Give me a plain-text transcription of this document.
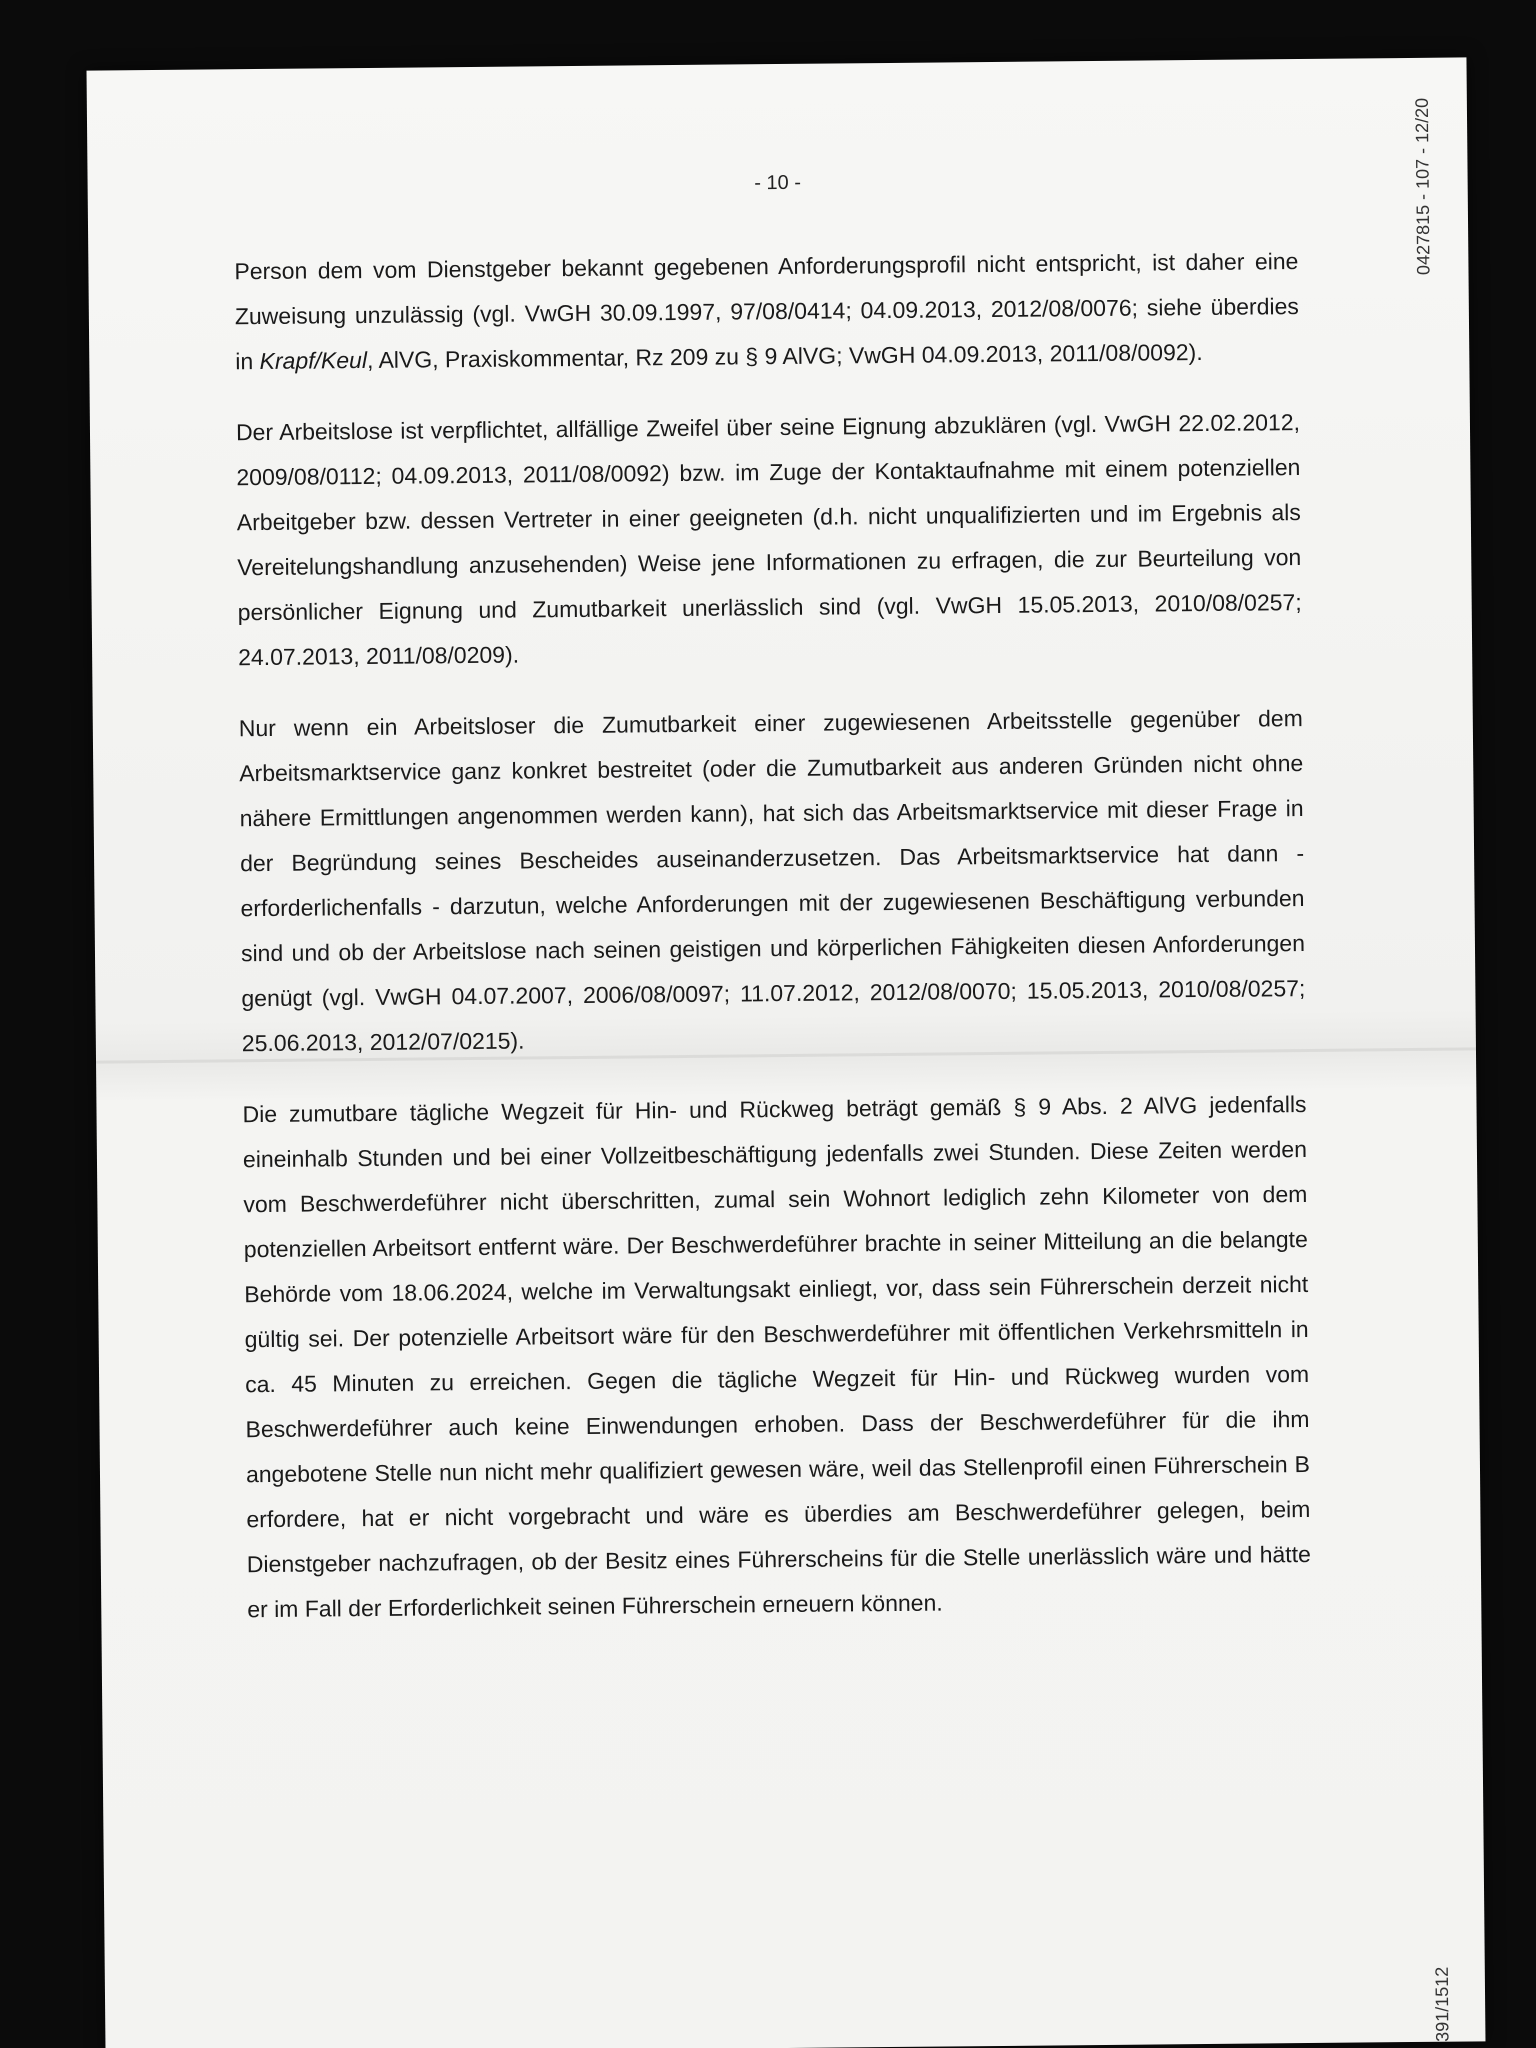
- 10 -	0427815 - 107 - 12/20
391/1512

Person dem vom Dienstgeber bekannt gegebenen Anforderungsprofil nicht entspricht, ist daher eine Zuweisung unzulässig (vgl. VwGH 30.09.1997, 97/08/0414; 04.09.2013, 2012/08/0076; siehe überdies in Krapf/Keul, AlVG, Praxiskommentar, Rz 209 zu § 9 AlVG; VwGH 04.09.2013, 2011/08/0092).

Der Arbeitslose ist verpflichtet, allfällige Zweifel über seine Eignung abzuklären (vgl. VwGH 22.02.2012, 2009/08/0112; 04.09.2013, 2011/08/0092) bzw. im Zuge der Kontaktaufnahme mit einem potenziellen Arbeitgeber bzw. dessen Vertreter in einer geeigneten (d.h. nicht unqualifizierten und im Ergebnis als Vereitelungshandlung anzusehenden) Weise jene Informationen zu erfragen, die zur Beurteilung von persönlicher Eignung und Zumutbarkeit unerlässlich sind (vgl. VwGH 15.05.2013, 2010/08/0257; 24.07.2013, 2011/08/0209).

Nur wenn ein Arbeitsloser die Zumutbarkeit einer zugewiesenen Arbeitsstelle gegenüber dem Arbeitsmarktservice ganz konkret bestreitet (oder die Zumutbarkeit aus anderen Gründen nicht ohne nähere Ermittlungen angenommen werden kann), hat sich das Arbeitsmarktservice mit dieser Frage in der Begründung seines Bescheides auseinanderzusetzen. Das Arbeitsmarktservice hat dann - erforderlichenfalls - darzutun, welche Anforderungen mit der zugewiesenen Beschäftigung verbunden sind und ob der Arbeitslose nach seinen geistigen und körperlichen Fähigkeiten diesen Anforderungen genügt (vgl. VwGH 04.07.2007, 2006/08/0097; 11.07.2012, 2012/08/0070; 15.05.2013, 2010/08/0257; 25.06.2013, 2012/07/0215).

Die zumutbare tägliche Wegzeit für Hin- und Rückweg beträgt gemäß § 9 Abs. 2 AlVG jedenfalls eineinhalb Stunden und bei einer Vollzeitbeschäftigung jedenfalls zwei Stunden. Diese Zeiten werden vom Beschwerdeführer nicht überschritten, zumal sein Wohnort lediglich zehn Kilometer von dem potenziellen Arbeitsort entfernt wäre. Der Beschwerdeführer brachte in seiner Mitteilung an die belangte Behörde vom 18.06.2024, welche im Verwaltungsakt einliegt, vor, dass sein Führerschein derzeit nicht gültig sei. Der potenzielle Arbeitsort wäre für den Beschwerdeführer mit öffentlichen Verkehrsmitteln in ca. 45 Minuten zu erreichen. Gegen die tägliche Wegzeit für Hin- und Rückweg wurden vom Beschwerdeführer auch keine Einwendungen erhoben. Dass der Beschwerdeführer für die ihm angebotene Stelle nun nicht mehr qualifiziert gewesen wäre, weil das Stellenprofil einen Führerschein B erfordere, hat er nicht vorgebracht und wäre es überdies am Beschwerdeführer gelegen, beim Dienstgeber nachzufragen, ob der Besitz eines Führerscheins für die Stelle unerlässlich wäre und hätte er im Fall der Erforderlichkeit seinen Führerschein erneuern können.
